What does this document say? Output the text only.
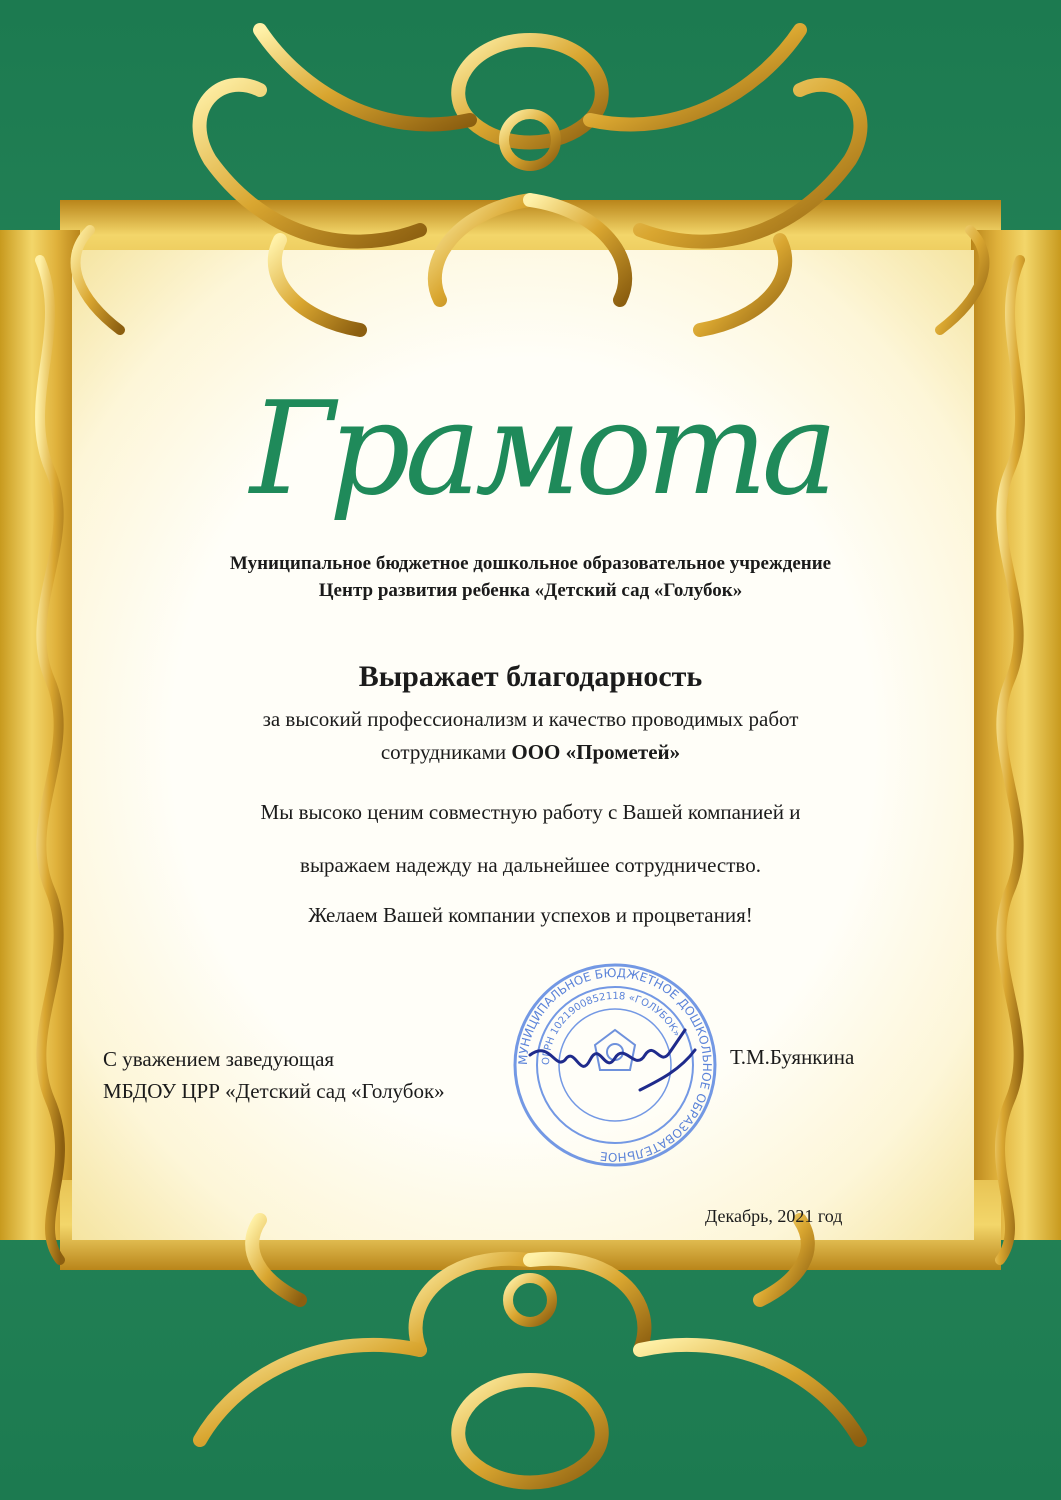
Грамота
Муниципальное бюджетное дошкольное образовательное учреждение
Центр развития ребенка «Детский сад «Голубок»
Выражает благодарность
за высокий профессионализм и качество проводимых работ
сотрудниками ООО «Прометей»
Мы высоко ценим совместную работу с Вашей компанией и
выражаем надежду на дальнейшее сотрудничество.
Желаем Вашей компании успехов и процветания!
С уважением заведующая
МБДОУ ЦРР «Детский сад «Голубок»
МУНИЦИПАЛЬНОЕ БЮДЖЕТНОЕ ДОШКОЛЬНОЕ ОБРАЗОВАТЕЛЬНОЕ
ОГРН 1021900852118 «ГОЛУБОК»
Т.М.Буянкина
Декабрь, 2021 год
